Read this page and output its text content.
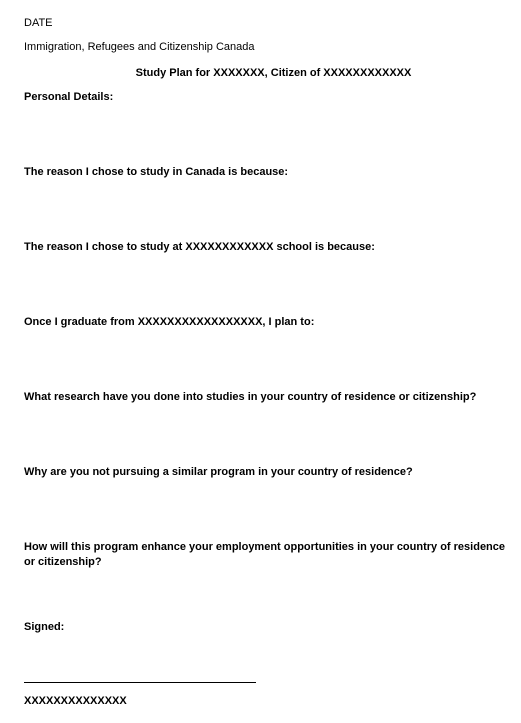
DATE
Immigration, Refugees and Citizenship Canada
Study Plan for XXXXXXX, Citizen of XXXXXXXXXXXX
Personal Details:
The reason I chose to study in Canada is because:
The reason I chose to study at XXXXXXXXXXXX school is because:
Once I graduate from XXXXXXXXXXXXXXXXX, I plan to:
What research have you done into studies in your country of residence or citizenship?
Why are you not pursuing a similar program in your country of residence?
How will this program enhance your employment opportunities in your country of residence or citizenship?
Signed:
XXXXXXXXXXXXXX
